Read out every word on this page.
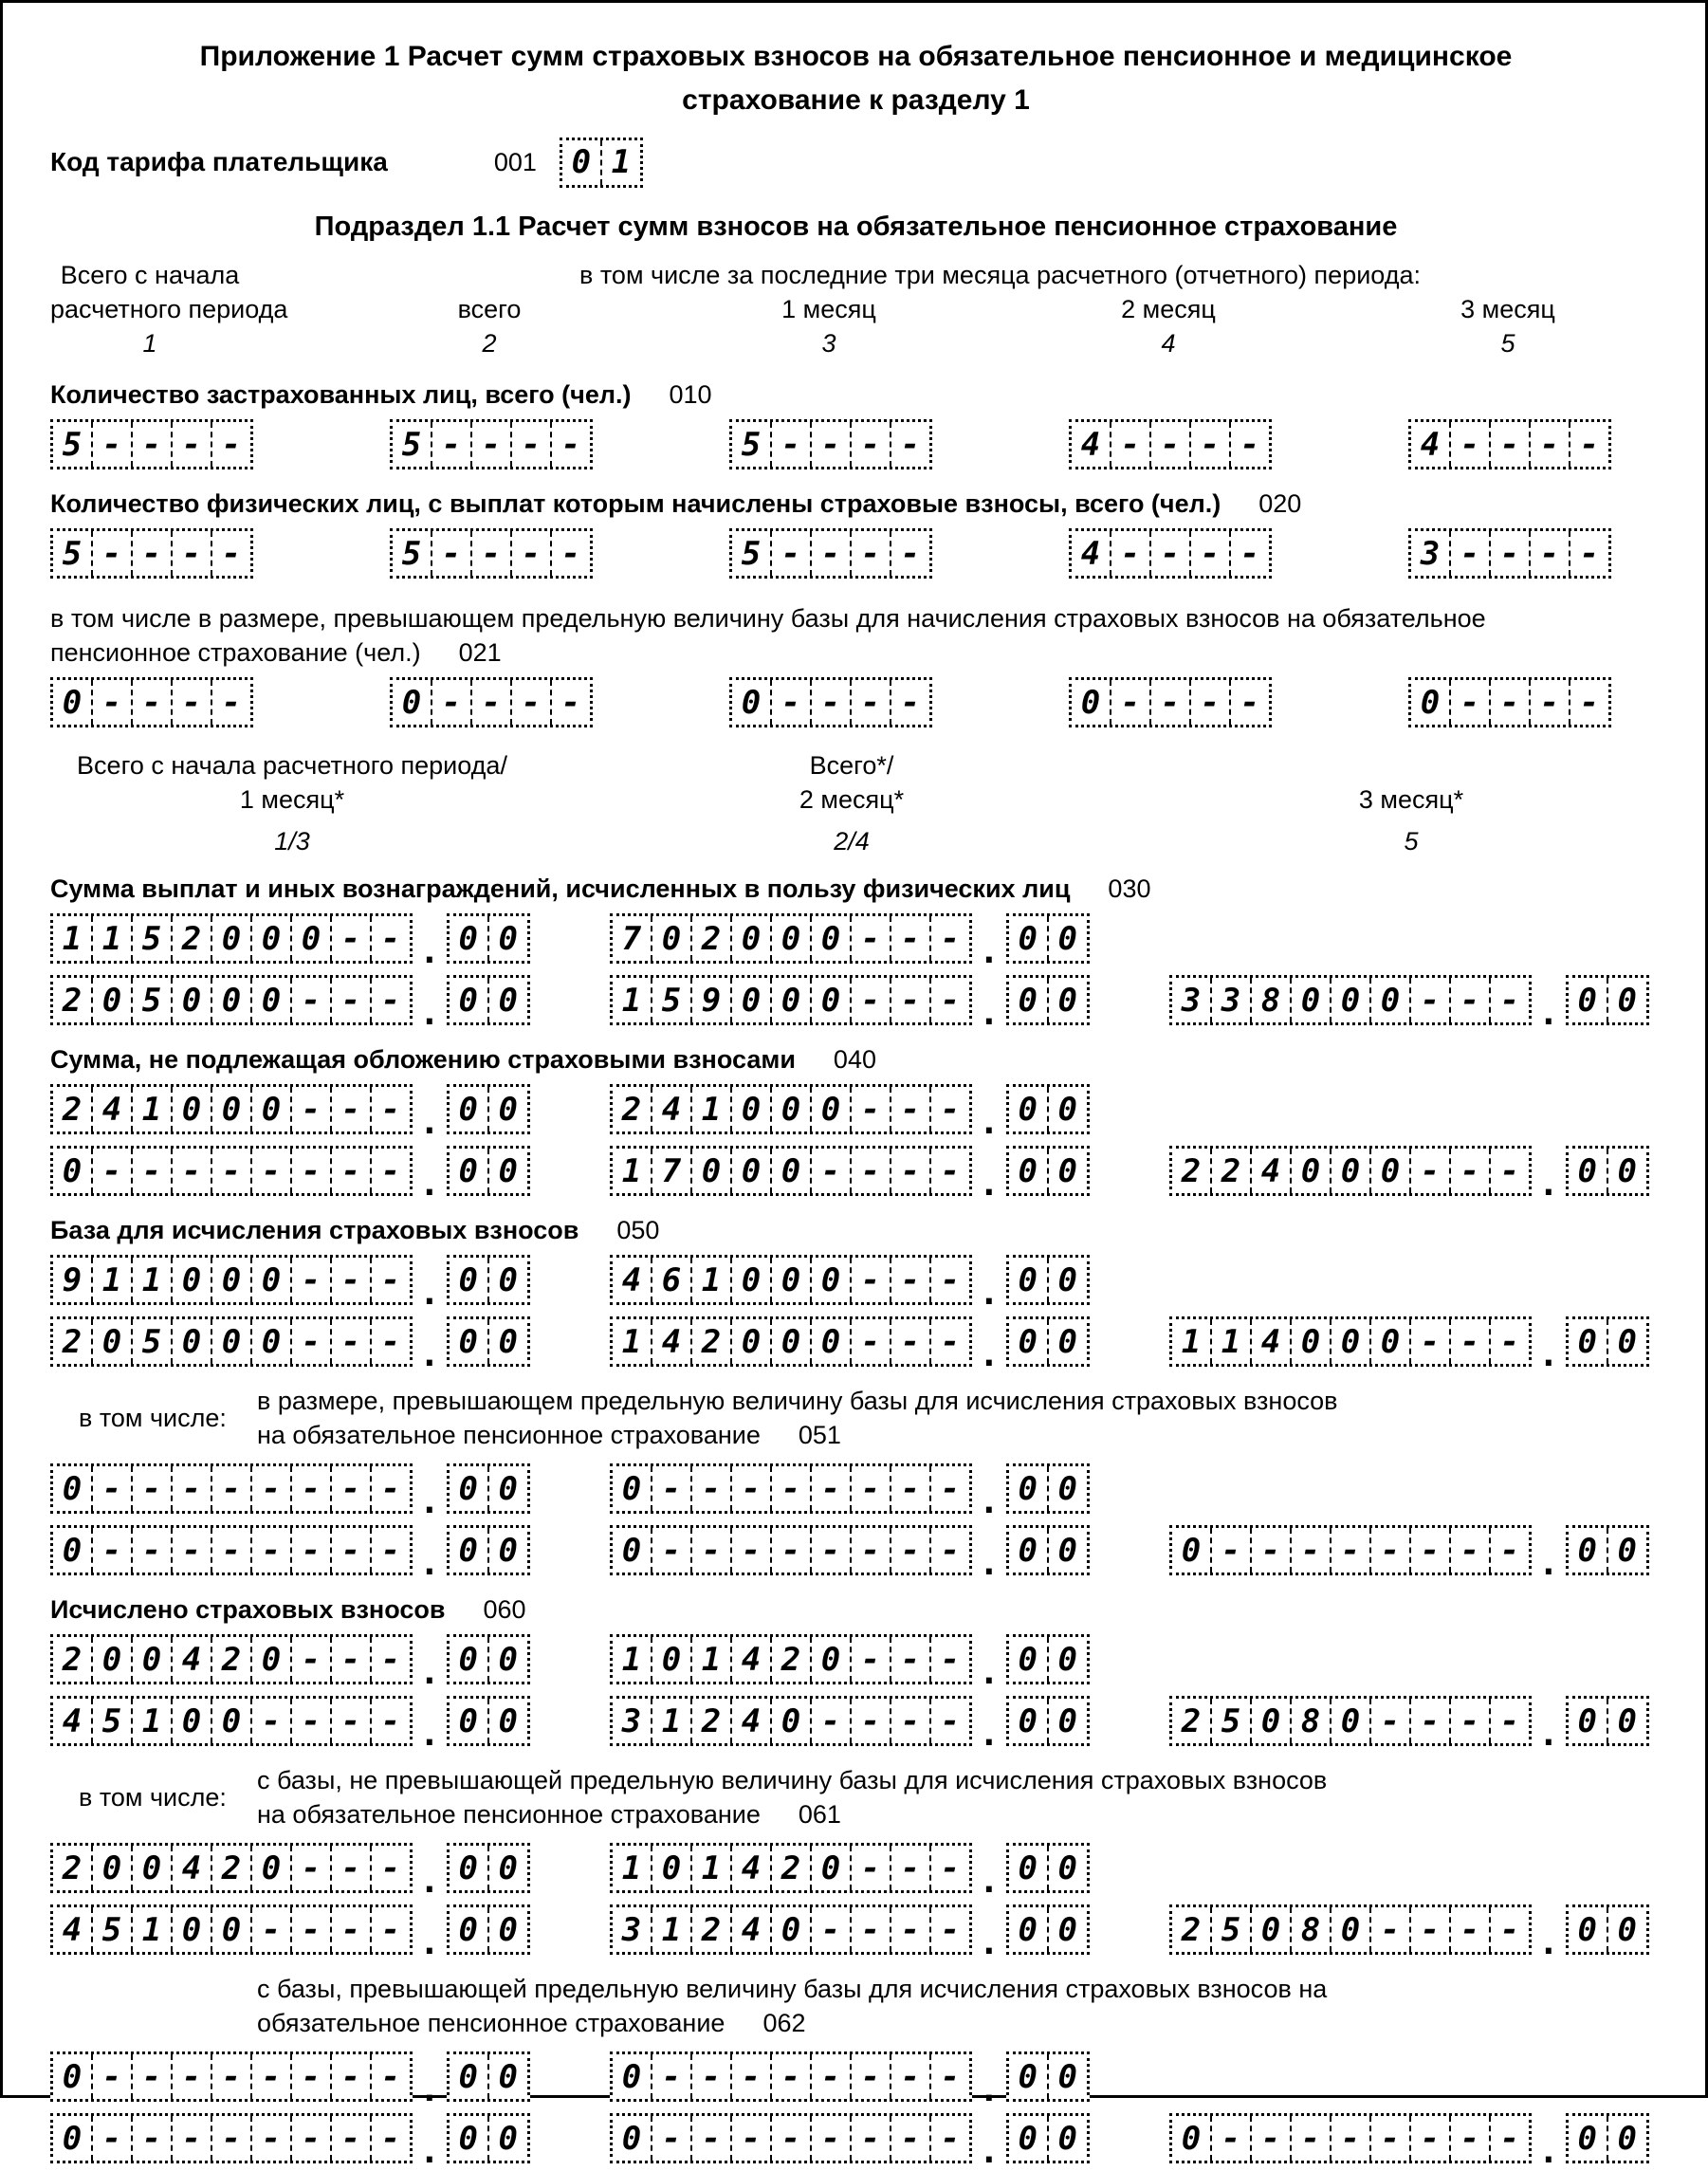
Приложение 1 Расчет сумм страховых взносов на обязательное пенсионное и медицинское
страхование к разделу 1
Код тарифа плательщика	001 0 1
Подраздел 1.1 Расчет сумм взносов на обязательное пенсионное страхование
Всего с начала	в том числе за последние три месяца расчетного (отчетного) периода:
расчетного периода	всего	1 месяц	2 месяц	3 месяц
1	2	3	4	5
Количество застрахованных лиц, всего (чел.) 010
5 - - - -	5 - - - -	5 - - - -	4 - - - -	4 - - - -
Количество физических лиц, с выплат которым начислены страховые взносы, всего (чел.) 020
5 - - - -	5 - - - -	5 - - - -	4 - - - -	3 - - - -
в том числе в размере, превышающем предельную величину базы для начисления страховых взносов на обязательное пенсионное страхование (чел.) 021
0 - - - -	0 - - - -	0 - - - -	0 - - - -	0 - - - -
Всего с начала расчетного периода/	Всего*/
1 месяц*	2 месяц*	3 месяц*
1/3	2/4	5
Сумма выплат и иных вознаграждений, исчисленных в пользу физических лиц 030
1 1 5 2 0 0 0 - - . 0 0	7 0 2 0 0 0 - - - . 0 0
2 0 5 0 0 0 - - - . 0 0	1 5 9 0 0 0 - - - . 0 0	3 3 8 0 0 0 - - - . 0 0
Сумма, не подлежащая обложению страховыми взносами 040
2 4 1 0 0 0 - - - . 0 0	2 4 1 0 0 0 - - - . 0 0
0 - - - - - - - - . 0 0	1 7 0 0 0 - - - - . 0 0	2 2 4 0 0 0 - - - . 0 0
База для исчисления страховых взносов 050
9 1 1 0 0 0 - - - . 0 0	4 6 1 0 0 0 - - - . 0 0
2 0 5 0 0 0 - - - . 0 0	1 4 2 0 0 0 - - - . 0 0	1 1 4 0 0 0 - - - . 0 0
в том числе:
в размере, превышающем предельную величину базы для исчисления страховых взносов на обязательное пенсионное страхование 051
0 - - - - - - - - . 0 0	0 - - - - - - - - . 0 0
0 - - - - - - - - . 0 0	0 - - - - - - - - . 0 0	0 - - - - - - - - . 0 0
Исчислено страховых взносов 060
2 0 0 4 2 0 - - - . 0 0	1 0 1 4 2 0 - - - . 0 0
4 5 1 0 0 - - - - . 0 0	3 1 2 4 0 - - - - . 0 0	2 5 0 8 0 - - - - . 0 0
в том числе:
с базы, не превышающей предельную величину базы для исчисления страховых взносов на обязательное пенсионное страхование 061
2 0 0 4 2 0 - - - . 0 0	1 0 1 4 2 0 - - - . 0 0
4 5 1 0 0 - - - - . 0 0	3 1 2 4 0 - - - - . 0 0	2 5 0 8 0 - - - - . 0 0
с базы, превышающей предельную величину базы для исчисления страховых взносов на обязательное пенсионное страхование 062
0 - - - - - - - - . 0 0	0 - - - - - - - - . 0 0
0 - - - - - - - - . 0 0	0 - - - - - - - - . 0 0	0 - - - - - - - - . 0 0
